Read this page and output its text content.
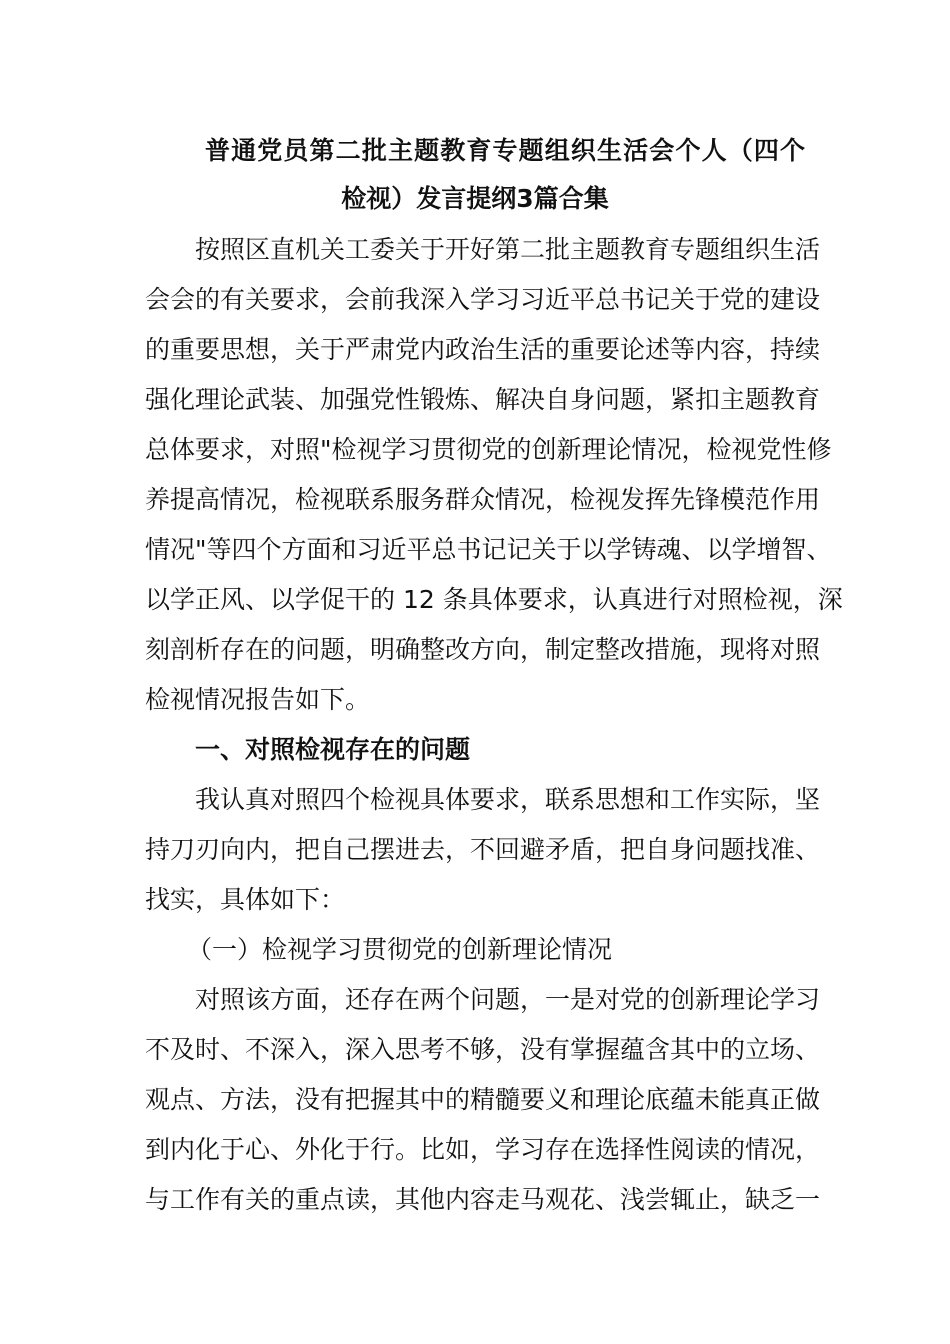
普通党员第二批主题教育专题组织生活会个人（四个
检视）发言提纲3篇合集
按照区直机关工委关于开好第二批主题教育专题组织生活
会会的有关要求，会前我深入学习习近平总书记关于党的建设
的重要思想，关于严肃党内政治生活的重要论述等内容，持续
强化理论武装、加强党性锻炼、解决自身问题，紧扣主题教育
总体要求，对照"检视学习贯彻党的创新理论情况，检视党性修
养提高情况，检视联系服务群众情况，检视发挥先锋模范作用
情况"等四个方面和习近平总书记记关于以学铸魂、以学增智、
以学正风、以学促干的 12 条具体要求，认真进行对照检视，深
刻剖析存在的问题，明确整改方向，制定整改措施，现将对照
检视情况报告如下。
一、对照检视存在的问题
我认真对照四个检视具体要求，联系思想和工作实际，坚
持刀刃向内，把自己摆进去，不回避矛盾，把自身问题找准、
找实，具体如下：
（一）检视学习贯彻党的创新理论情况
对照该方面，还存在两个问题，一是对党的创新理论学习
不及时、不深入，深入思考不够，没有掌握蕴含其中的立场、
观点、方法，没有把握其中的精髓要义和理论底蕴未能真正做
到内化于心、外化于行。比如，学习存在选择性阅读的情况，
与工作有关的重点读，其他内容走马观花、浅尝辄止，缺乏一
